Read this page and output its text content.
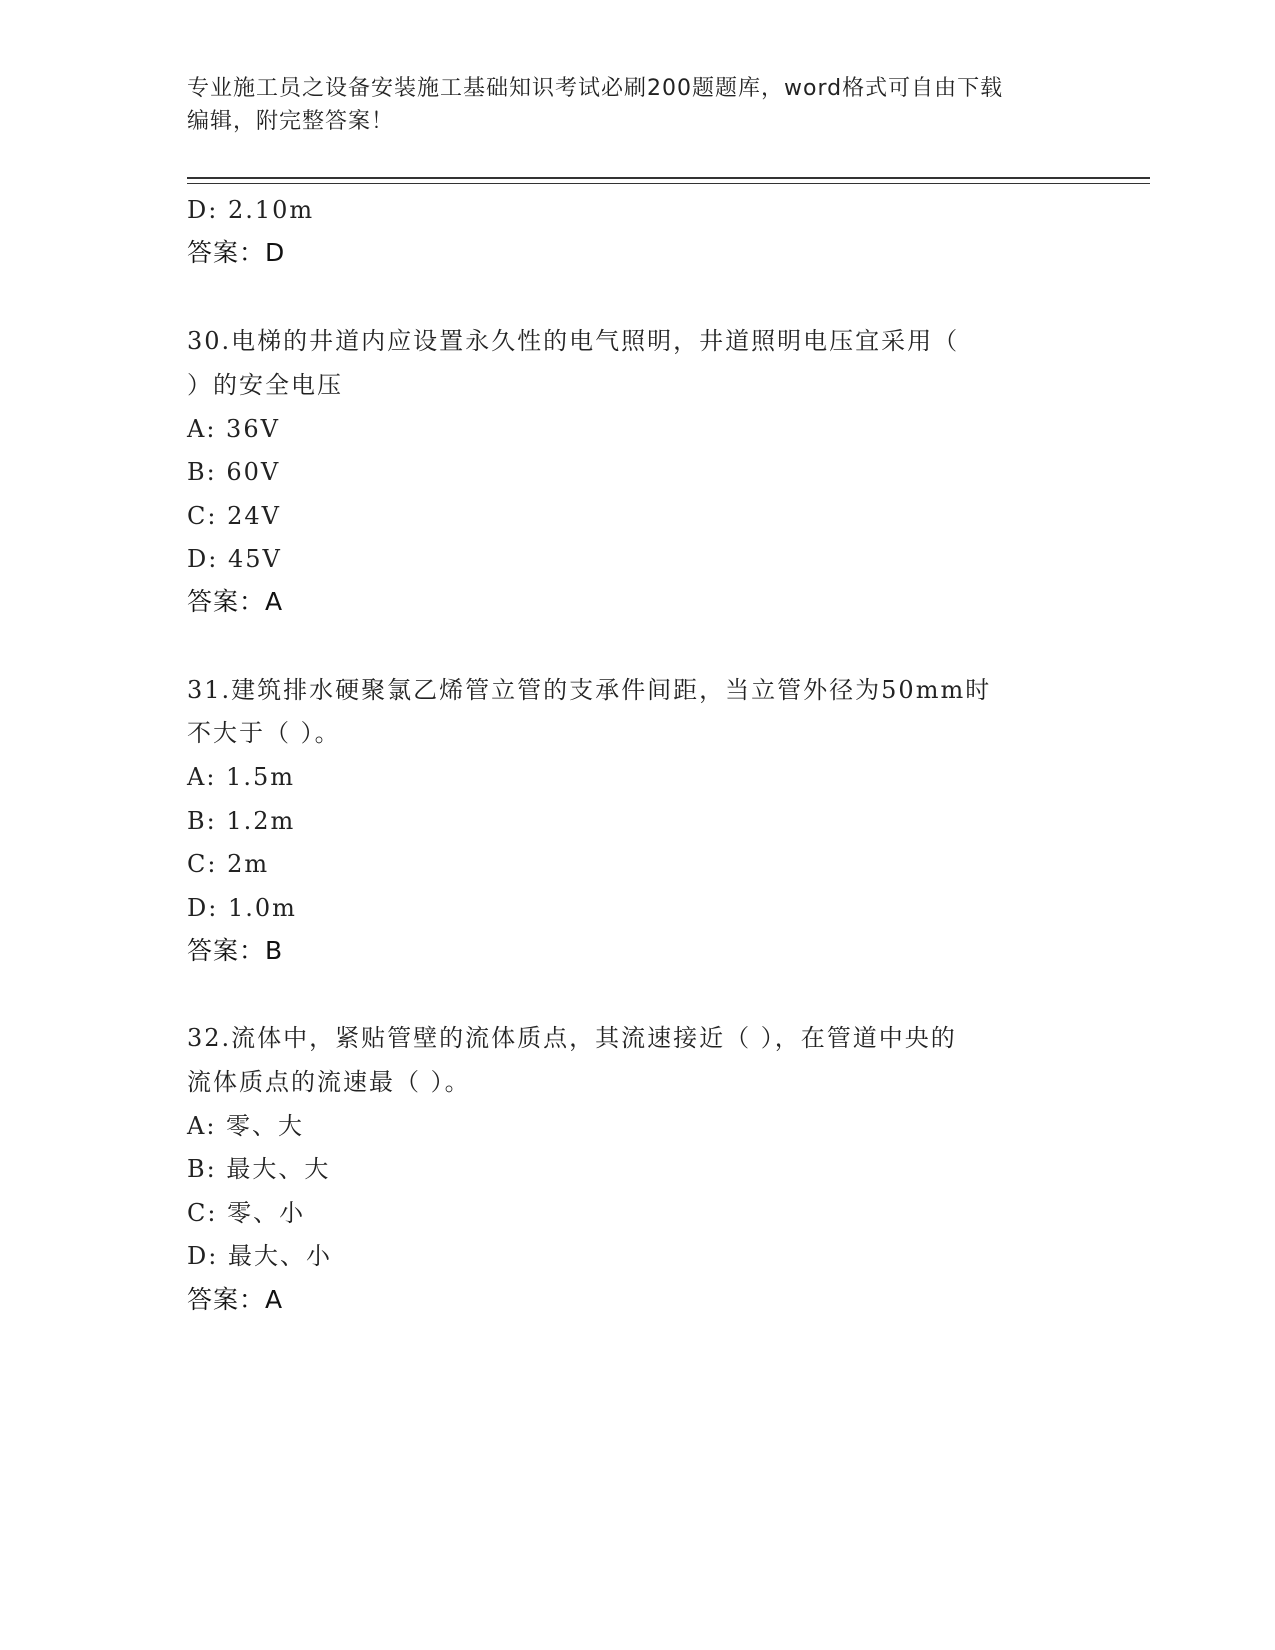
专业施工员之设备安装施工基础知识考试必刷200题题库，word格式可自由下载
编辑，附完整答案！
D: 2.10m
答案：D
30.电梯的井道内应设置永久性的电气照明，井道照明电压宜采用（
）的安全电压
A: 36V
B: 60V
C: 24V
D: 45V
答案：A
31.建筑排水硬聚氯乙烯管立管的支承件间距，当立管外径为50mm时
不大于（ ）。
A: 1.5m
B: 1.2m
C: 2m
D: 1.0m
答案：B
32.流体中，紧贴管壁的流体质点，其流速接近（ ），在管道中央的
流体质点的流速最（ ）。
A: 零、大
B: 最大、大
C: 零、小
D: 最大、小
答案：A
